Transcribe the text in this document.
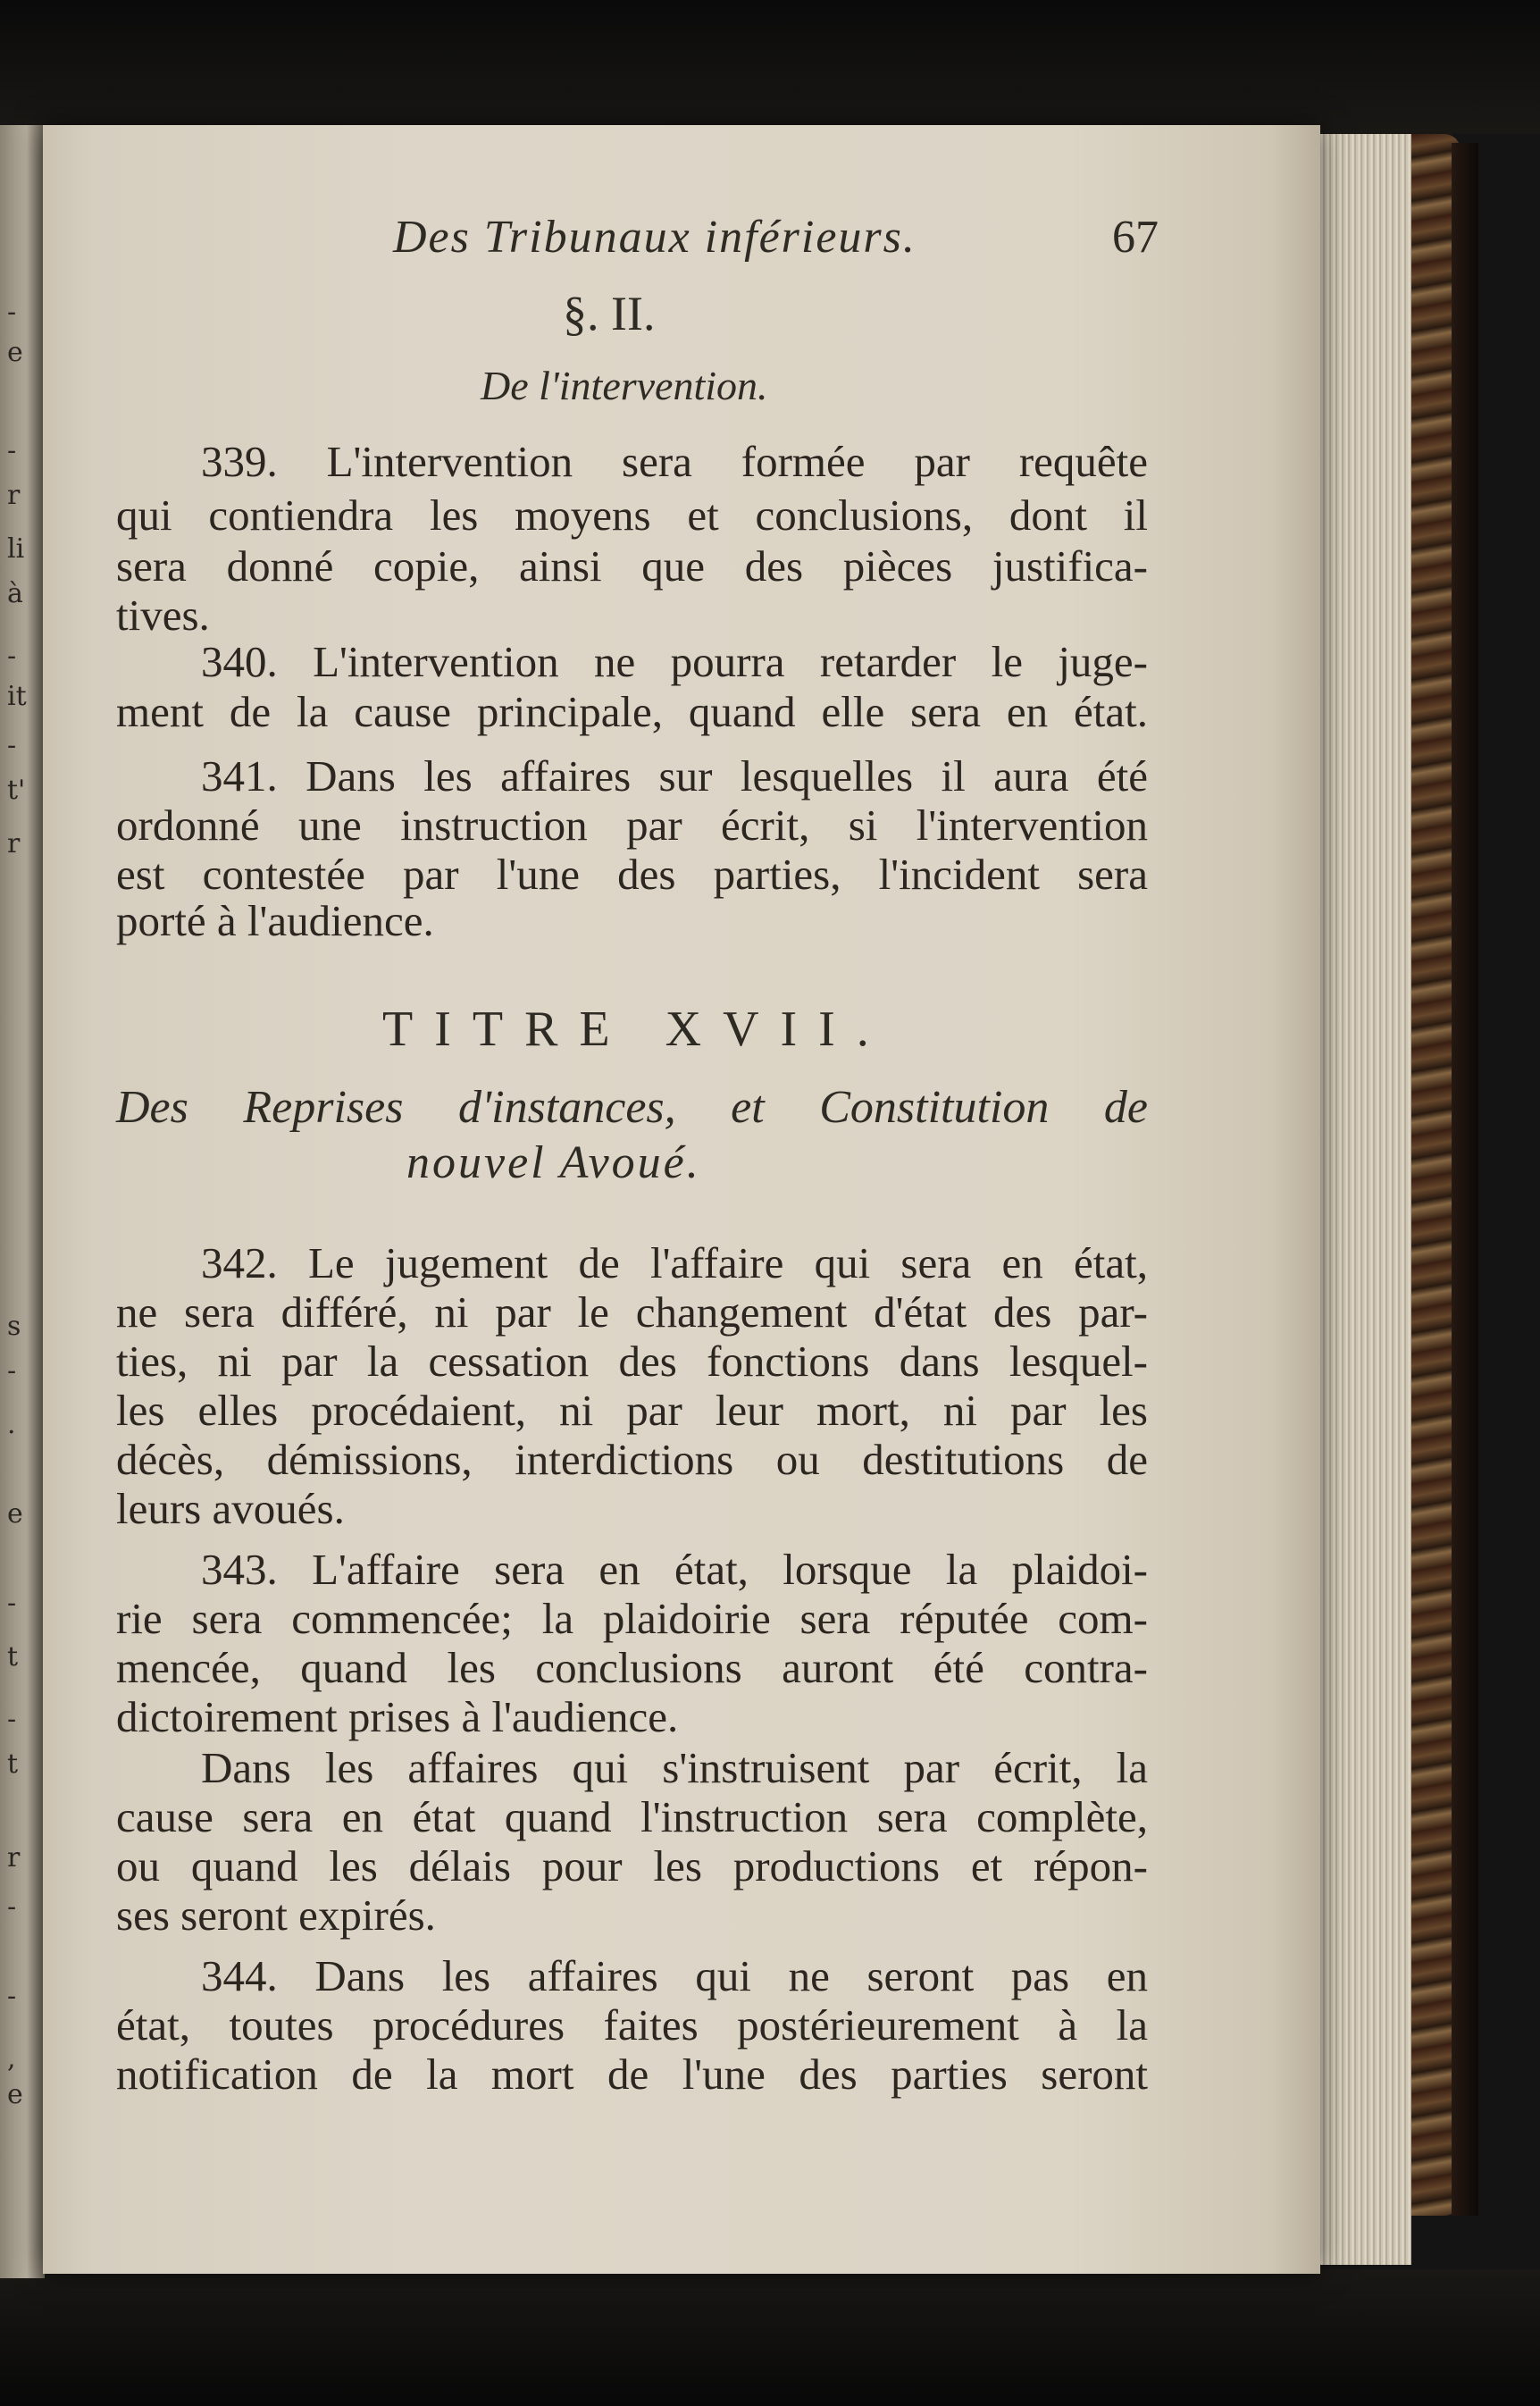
-
e
-
r
li
à
-
it
-
t'
r
s
-
.
e
-
t
-
t
r
-
-
,
e
Des Tribunaux inférieurs.	67
§. II.
De l'intervention.
339. L'intervention sera formée par requête
qui contiendra les moyens et conclusions, dont il
sera donné copie, ainsi que des pièces justifica-
tives.
340. L'intervention ne pourra retarder le juge-
ment de la cause principale, quand elle sera en état.
341. Dans les affaires sur lesquelles il aura été
ordonné une instruction par écrit, si l'intervention
est contestée par l'une des parties, l'incident sera
porté à l'audience.
TITRE XVII.
Des Reprises d'instances, et Constitution de
nouvel Avoué.
342. Le jugement de l'affaire qui sera en état,
ne sera différé, ni par le changement d'état des par-
ties, ni par la cessation des fonctions dans lesquel-
les elles procédaient, ni par leur mort, ni par les
décès, démissions, interdictions ou destitutions de
leurs avoués.
343. L'affaire sera en état, lorsque la plaidoi-
rie sera commencée; la plaidoirie sera réputée com-
mencée, quand les conclusions auront été contra-
dictoirement prises à l'audience.
Dans les affaires qui s'instruisent par écrit, la
cause sera en état quand l'instruction sera complète,
ou quand les délais pour les productions et répon-
ses seront expirés.
344. Dans les affaires qui ne seront pas en
état, toutes procédures faites postérieurement à la
notification de la mort de l'une des parties seront
